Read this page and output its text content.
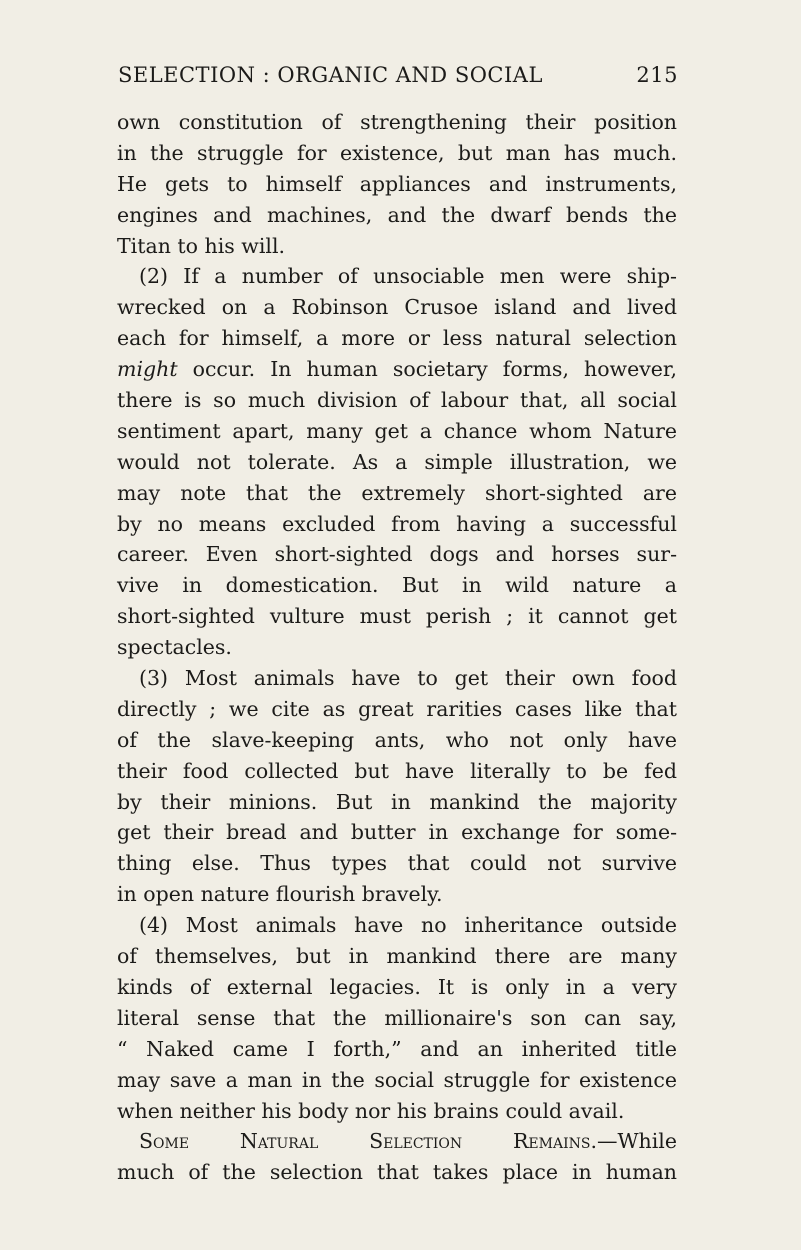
SELECTION : ORGANIC AND SOCIAL	215
own constitution of strengthening their position
in the struggle for existence, but man has much.
He gets to himself appliances and instruments,
engines and machines, and the dwarf bends the
Titan to his will.
(2) If a number of unsociable men were ship-
wrecked on a Robinson Crusoe island and lived
each for himself, a more or less natural selection
might occur. In human societary forms, however,
there is so much division of labour that, all social
sentiment apart, many get a chance whom Nature
would not tolerate. As a simple illustration, we
may note that the extremely short-sighted are
by no means excluded from having a successful
career. Even short-sighted dogs and horses sur-
vive in domestication. But in wild nature a
short-sighted vulture must perish ; it cannot get
spectacles.
(3) Most animals have to get their own food
directly ; we cite as great rarities cases like that
of the slave-keeping ants, who not only have
their food collected but have literally to be fed
by their minions. But in mankind the majority
get their bread and butter in exchange for some-
thing else. Thus types that could not survive
in open nature flourish bravely.
(4) Most animals have no inheritance outside
of themselves, but in mankind there are many
kinds of external legacies. It is only in a very
literal sense that the millionaire's son can say,
“ Naked came I forth,” and an inherited title
may save a man in the social struggle for existence
when neither his body nor his brains could avail.
Some Natural Selection Remains.—While
much of the selection that takes place in human
